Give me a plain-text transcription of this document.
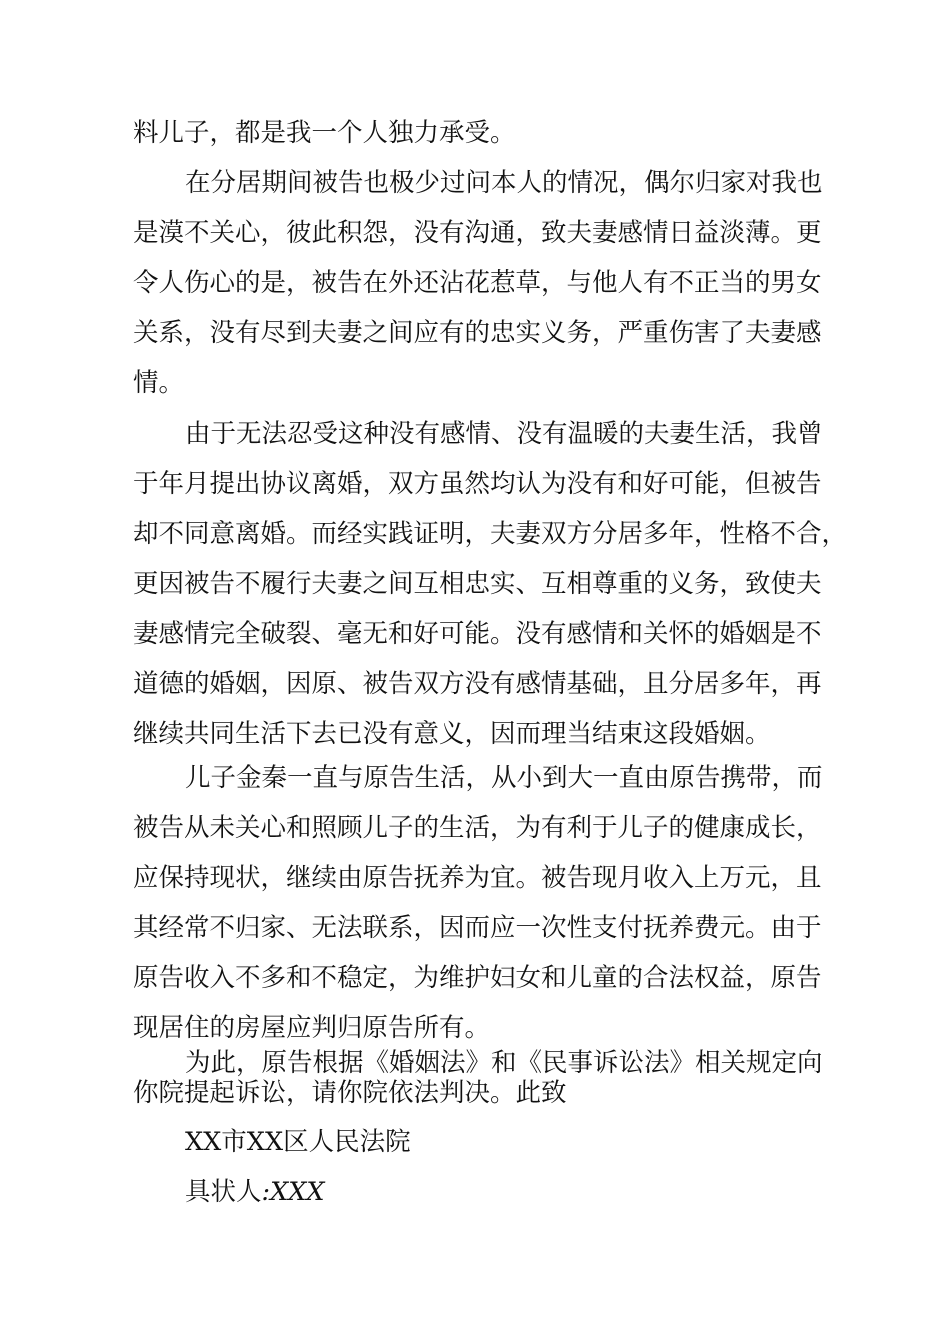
料儿子，都是我一个人独力承受。
在分居期间被告也极少过问本人的情况，偶尔归家对我也
是漠不关心，彼此积怨，没有沟通，致夫妻感情日益淡薄。更
令人伤心的是，被告在外还沾花惹草，与他人有不正当的男女
关系，没有尽到夫妻之间应有的忠实义务，严重伤害了夫妻感
情。
由于无法忍受这种没有感情、没有温暖的夫妻生活，我曾
于年月提出协议离婚，双方虽然均认为没有和好可能，但被告
却不同意离婚。而经实践证明，夫妻双方分居多年，性格不合，
更因被告不履行夫妻之间互相忠实、互相尊重的义务，致使夫
妻感情完全破裂、毫无和好可能。没有感情和关怀的婚姻是不
道德的婚姻，因原、被告双方没有感情基础，且分居多年，再
继续共同生活下去已没有意义，因而理当结束这段婚姻。
儿子金秦一直与原告生活，从小到大一直由原告携带，而
被告从未关心和照顾儿子的生活，为有利于儿子的健康成长，
应保持现状，继续由原告抚养为宜。被告现月收入上万元，且
其经常不归家、无法联系，因而应一次性支付抚养费元。由于
原告收入不多和不稳定，为维护妇女和儿童的合法权益，原告
现居住的房屋应判归原告所有。
为此，原告根据《婚姻法》和《民事诉讼法》相关规定向
你院提起诉讼，请你院依法判决。此致
XX市XX区人民法院
具状人:XXX
